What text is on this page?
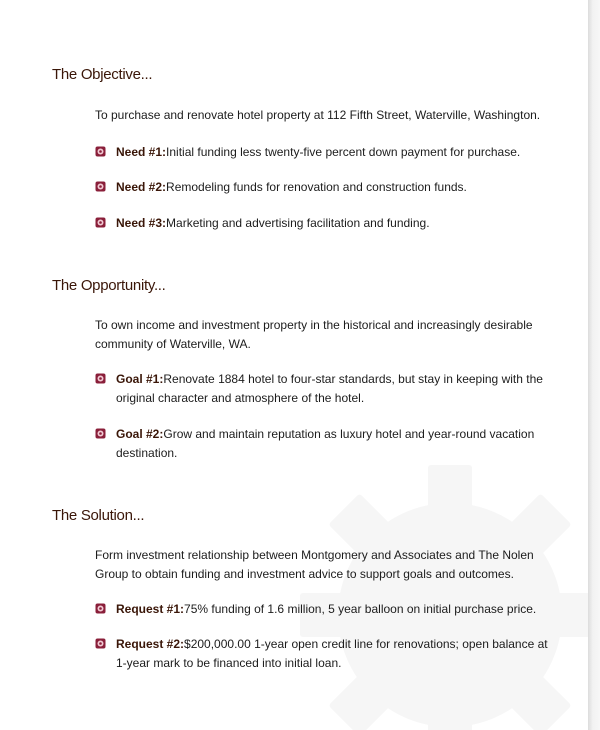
The Objective...

To purchase and renovate hotel property at 112 Fifth Street, Waterville, Washington.

Need #1:Initial funding less twenty-five percent down payment for purchase.
Need #2:Remodeling funds for renovation and construction funds.
Need #3:Marketing and advertising facilitation and funding.
The Opportunity...

To own income and investment property in the historical and increasingly desirable community of Waterville, WA.

Goal #1:Renovate 1884 hotel to four-star standards, but stay in keeping with the original character and atmosphere of the hotel.
Goal #2:Grow and maintain reputation as luxury hotel and year-round vacation destination.
The Solution...

Form investment relationship between Montgomery and Associates and The Nolen Group to obtain funding and investment advice to support goals and outcomes.

Request #1:75% funding of 1.6 million, 5 year balloon on initial purchase price.
Request #2:$200,000.00 1-year open credit line for renovations; open balance at 1-year mark to be financed into initial loan.
